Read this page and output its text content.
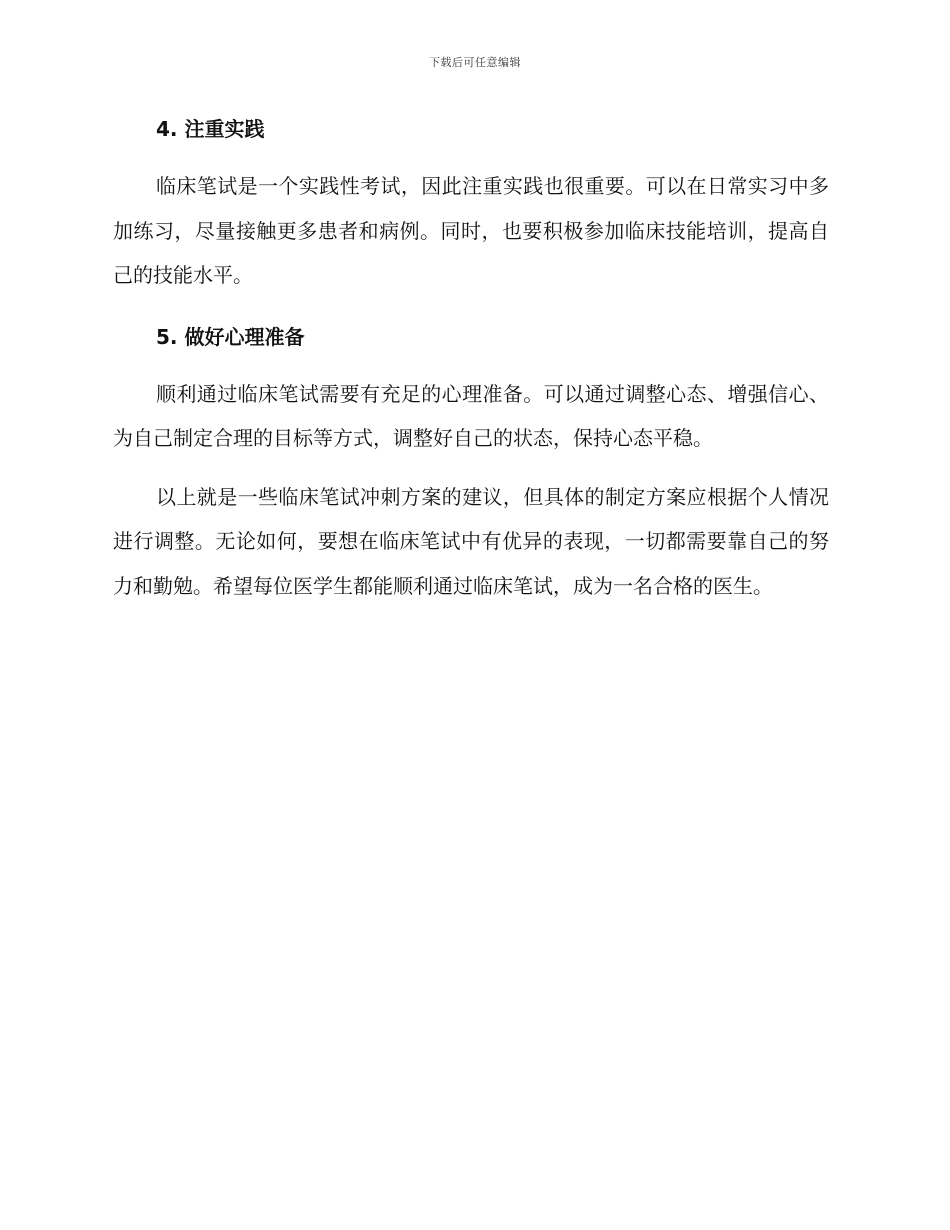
下载后可任意编辑
4. 注重实践

临床笔试是一个实践性考试，因此注重实践也很重要。可以在日常实习中多加练习，尽量接触更多患者和病例。同时，也要积极参加临床技能培训，提高自己的技能水平。

5. 做好心理准备

顺利通过临床笔试需要有充足的心理准备。可以通过调整心态、增强信心、为自己制定合理的目标等方式，调整好自己的状态，保持心态平稳。

以上就是一些临床笔试冲刺方案的建议，但具体的制定方案应根据个人情况进行调整。无论如何，要想在临床笔试中有优异的表现，一切都需要靠自己的努力和勤勉。希望每位医学生都能顺利通过临床笔试，成为一名合格的医生。
